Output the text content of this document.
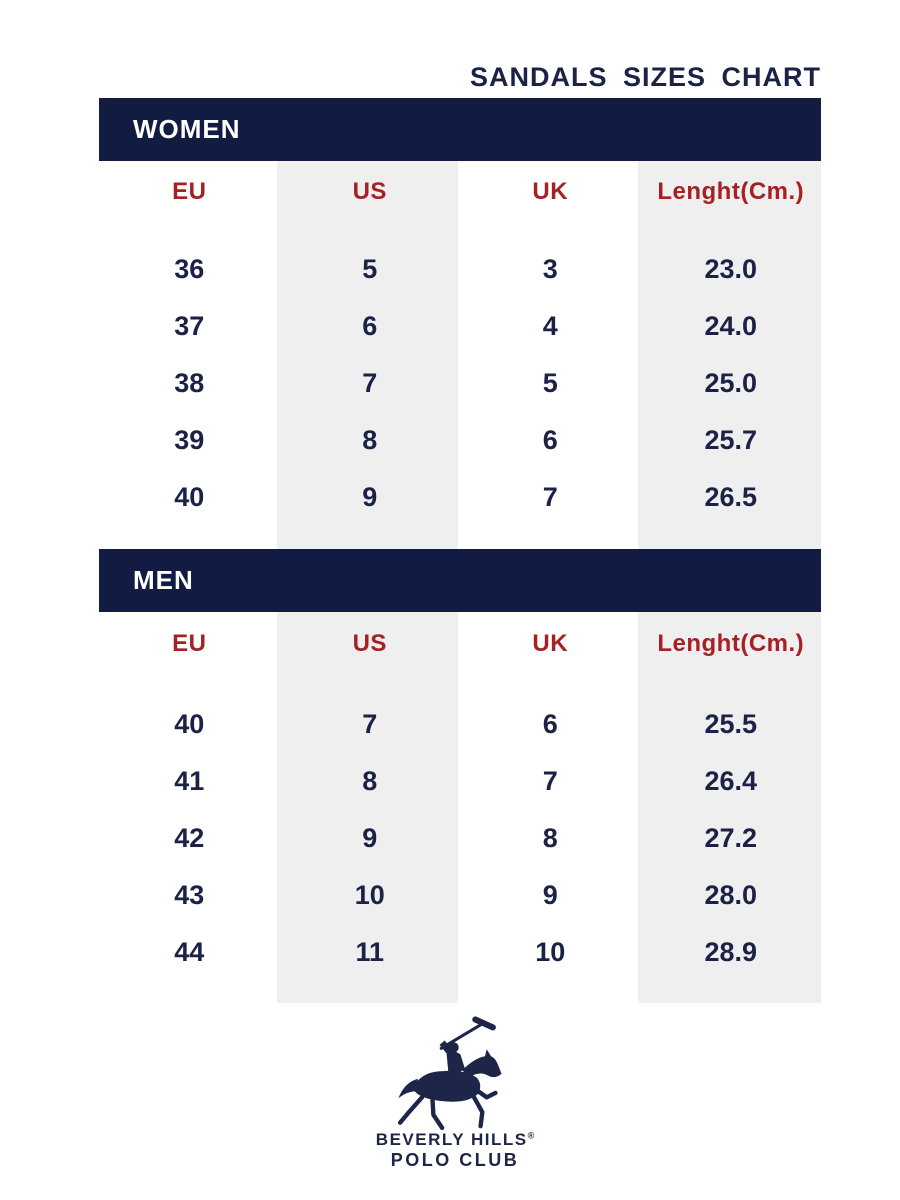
SANDALS SIZES CHART
WOMEN
EU	US	UK	Lenght(Cm.)
36	5	3	23.0
37	6	4	24.0
38	7	5	25.0
39	8	6	25.7
40	9	7	26.5
MEN
EU	US	UK	Lenght(Cm.)
40	7	6	25.5
41	8	7	26.4
42	9	8	27.2
43	10	9	28.0
44	11	10	28.9
BEVERLY HILLS®
POLO CLUB
